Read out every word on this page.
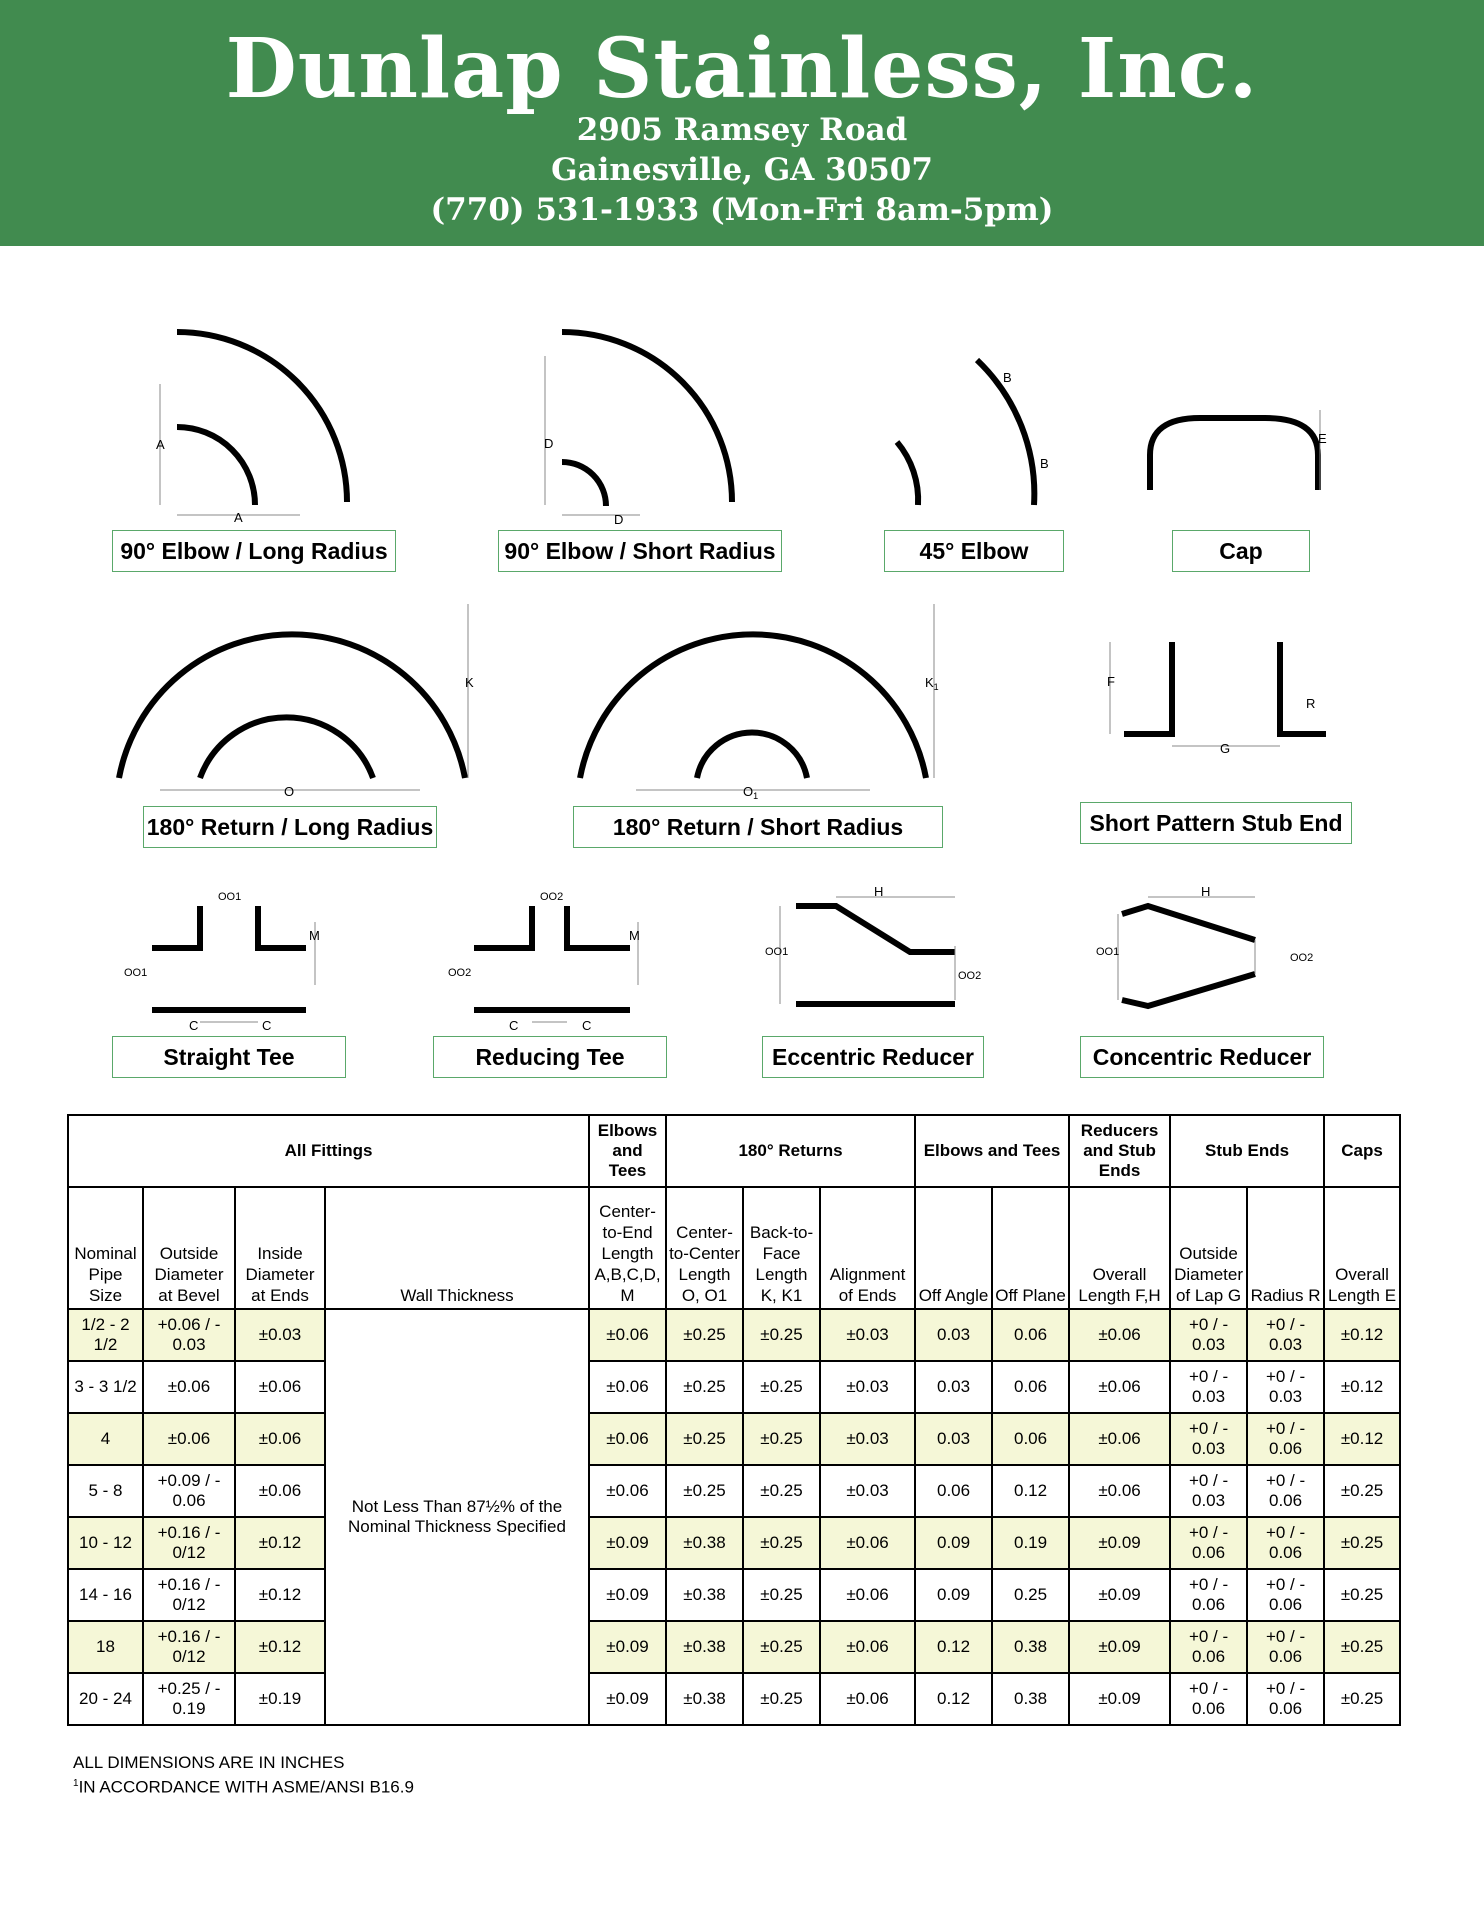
Dunlap Stainless, Inc.
2905 Ramsey Road
Gainesville, GA 30507
(770) 531-1933 (Mon-Fri 8am-5pm)
A
A
D
D
B
B
E
K
O
$K_1$
$O_1$
F
G
R
OO1
OO1
M
C	C
OO2
OO2
M
C	C
H
OO1
OO2
H
OO1	OO2
90° Elbow / Long Radius	90° Elbow / Short Radius	45° Elbow	Cap
180° Return / Long Radius	180° Return / Short Radius	Short Pattern Stub End
Straight Tee	Reducing Tee	Eccentric Reducer	Concentric Reducer
All Fittings				Elbows and Tees	180° Returns			Elbows and Tees		Reducers and Stub Ends	Stub Ends		Caps
Nominal Pipe Size	Outside Diameter at Bevel	Inside Diameter at Ends	Wall Thickness	Center-to-End Length A,B,C,D, M	Center-to-Center Length O, O1	Back-to-Face Length K, K1	Alignment of Ends	Off Angle	Off Plane	Overall Length F,H	Outside Diameter of Lap G	Radius R	Overall Length E
1/2 - 2 1/2	+0.06 / - 0.03	±0.03	Not Less Than 87½% of the Nominal Thickness Specified	±0.06	±0.25	±0.25	±0.03	0.03	0.06	±0.06	+0 / - 0.03	+0 / - 0.03	±0.12
3 - 3 1/2	±0.06	±0.06		±0.06	±0.25	±0.25	±0.03	0.03	0.06	±0.06	+0 / - 0.03	+0 / - 0.03	±0.12
4	±0.06	±0.06		±0.06	±0.25	±0.25	±0.03	0.03	0.06	±0.06	+0 / - 0.03	+0 / - 0.06	±0.12
5 - 8	+0.09 / - 0.06	±0.06		±0.06	±0.25	±0.25	±0.03	0.06	0.12	±0.06	+0 / - 0.03	+0 / - 0.06	±0.25
10 - 12	+0.16 / - 0/12	±0.12		±0.09	±0.38	±0.25	±0.06	0.09	0.19	±0.09	+0 / - 0.06	+0 / - 0.06	±0.25
14 - 16	+0.16 / - 0/12	±0.12		±0.09	±0.38	±0.25	±0.06	0.09	0.25	±0.09	+0 / - 0.06	+0 / - 0.06	±0.25
18	+0.16 / - 0/12	±0.12		±0.09	±0.38	±0.25	±0.06	0.12	0.38	±0.09	+0 / - 0.06	+0 / - 0.06	±0.25
20 - 24	+0.25 / - 0.19	±0.19		±0.09	±0.38	±0.25	±0.06	0.12	0.38	±0.09	+0 / - 0.06	+0 / - 0.06	±0.25
ALL DIMENSIONS ARE IN INCHES
$^1$IN ACCORDANCE WITH ASME/ANSI B16.9
